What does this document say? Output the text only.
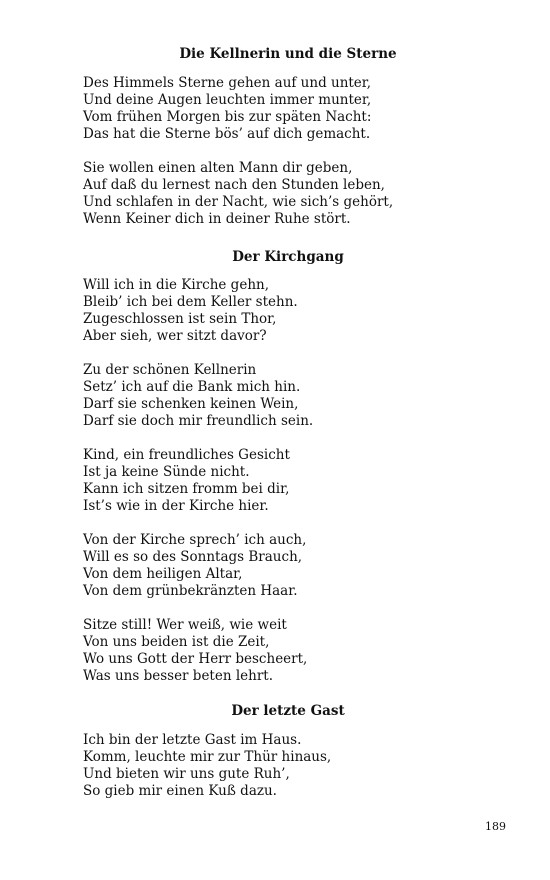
Die Kellnerin und die Sterne
Des Himmels Sterne gehen auf und unter,
Und deine Augen leuchten immer munter,
Vom frühen Morgen bis zur späten Nacht:
Das hat die Sterne bös’ auf dich gemacht.
Sie wollen einen alten Mann dir geben,
Auf daß du lernest nach den Stunden leben,
Und schlafen in der Nacht, wie sich’s gehört,
Wenn Keiner dich in deiner Ruhe stört.
Der Kirchgang
Will ich in die Kirche gehn,
Bleib’ ich bei dem Keller stehn.
Zugeschlossen ist sein Thor,
Aber sieh, wer sitzt davor?
Zu der schönen Kellnerin
Setz’ ich auf die Bank mich hin.
Darf sie schenken keinen Wein,
Darf sie doch mir freundlich sein.
Kind, ein freundliches Gesicht
Ist ja keine Sünde nicht.
Kann ich sitzen fromm bei dir,
Ist’s wie in der Kirche hier.
Von der Kirche sprech’ ich auch,
Will es so des Sonntags Brauch,
Von dem heiligen Altar,
Von dem grünbekränzten Haar.
Sitze still! Wer weiß, wie weit
Von uns beiden ist die Zeit,
Wo uns Gott der Herr bescheert,
Was uns besser beten lehrt.
Der letzte Gast
Ich bin der letzte Gast im Haus.
Komm, leuchte mir zur Thür hinaus,
Und bieten wir uns gute Ruh’,
So gieb mir einen Kuß dazu.
189
